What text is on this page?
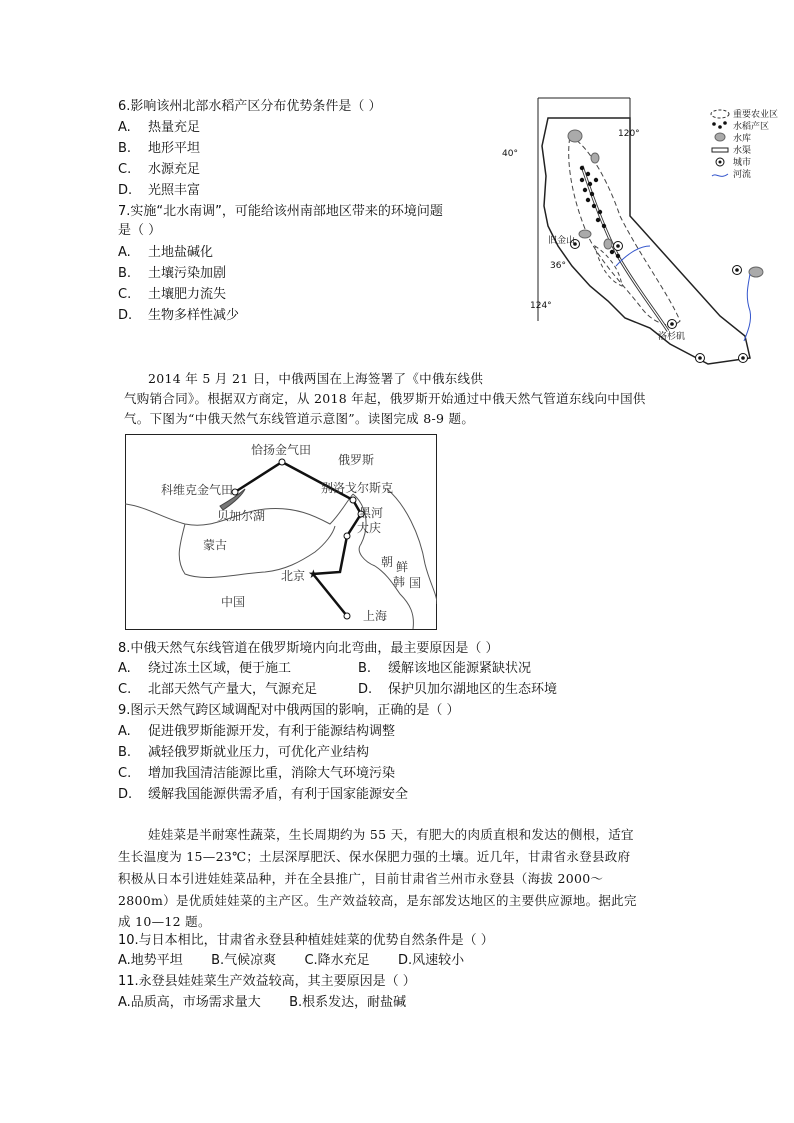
6.影响该州北部水稻产区分布优势条件是（ ）
A. 热量充足
B. 地形平坦
C. 水源充足
D. 光照丰富
7.实施“北水南调”，可能给该州南部地区带来的环境问题
是（ ）
A. 土地盐碱化
B. 土壤污染加剧
C. 土壤肥力流失
D. 生物多样性减少
40°
120°
36°
124°
旧金山
洛杉矶
重要农业区
水稻产区
水库
水渠
城市
河流
2014 年 5 月 21 日，中俄两国在上海签署了《中俄东线供
气购销合同》。根据双方商定，从 2018 年起，俄罗斯开始通过中俄天然气管道东线向中国供
气。下图为“中俄天然气东线管道示意图”。读图完成 8-9 题。
★
恰扬金气田
俄罗斯
科维克金气田	别洛戈尔斯克
贝加尔湖	黑河
大庆
蒙古
朝 鲜
韩 国
北京
中国
上海
8.中俄天然气东线管道在俄罗斯境内向北弯曲，最主要原因是（ ）
A. 绕过冻土区域，便于施工	B. 缓解该地区能源紧缺状况
C. 北部天然气产量大，气源充足	D. 保护贝加尔湖地区的生态环境
9.图示天然气跨区域调配对中俄两国的影响，正确的是（ ）
A. 促进俄罗斯能源开发，有利于能源结构调整
B. 减轻俄罗斯就业压力，可优化产业结构
C. 增加我国清洁能源比重，消除大气环境污染
D. 缓解我国能源供需矛盾，有利于国家能源安全
娃娃菜是半耐寒性蔬菜，生长周期约为 55 天，有肥大的肉质直根和发达的侧根，适宜
生长温度为 15—23℃；土层深厚肥沃、保水保肥力强的土壤。近几年，甘肃省永登县政府
积极从日本引进娃娃菜品种，并在全县推广，目前甘肃省兰州市永登县（海拔 2000～
2800m）是优质娃娃菜的主产区。生产效益较高，是东部发达地区的主要供应源地。据此完
成 10—12 题。
10.与日本相比，甘肃省永登县种植娃娃菜的优势自然条件是（ ）
A.地势平坦 B.气候凉爽 C.降水充足 D.风速较小
11.永登县娃娃菜生产效益较高，其主要原因是（ ）
A.品质高，市场需求量大 B.根系发达，耐盐碱
